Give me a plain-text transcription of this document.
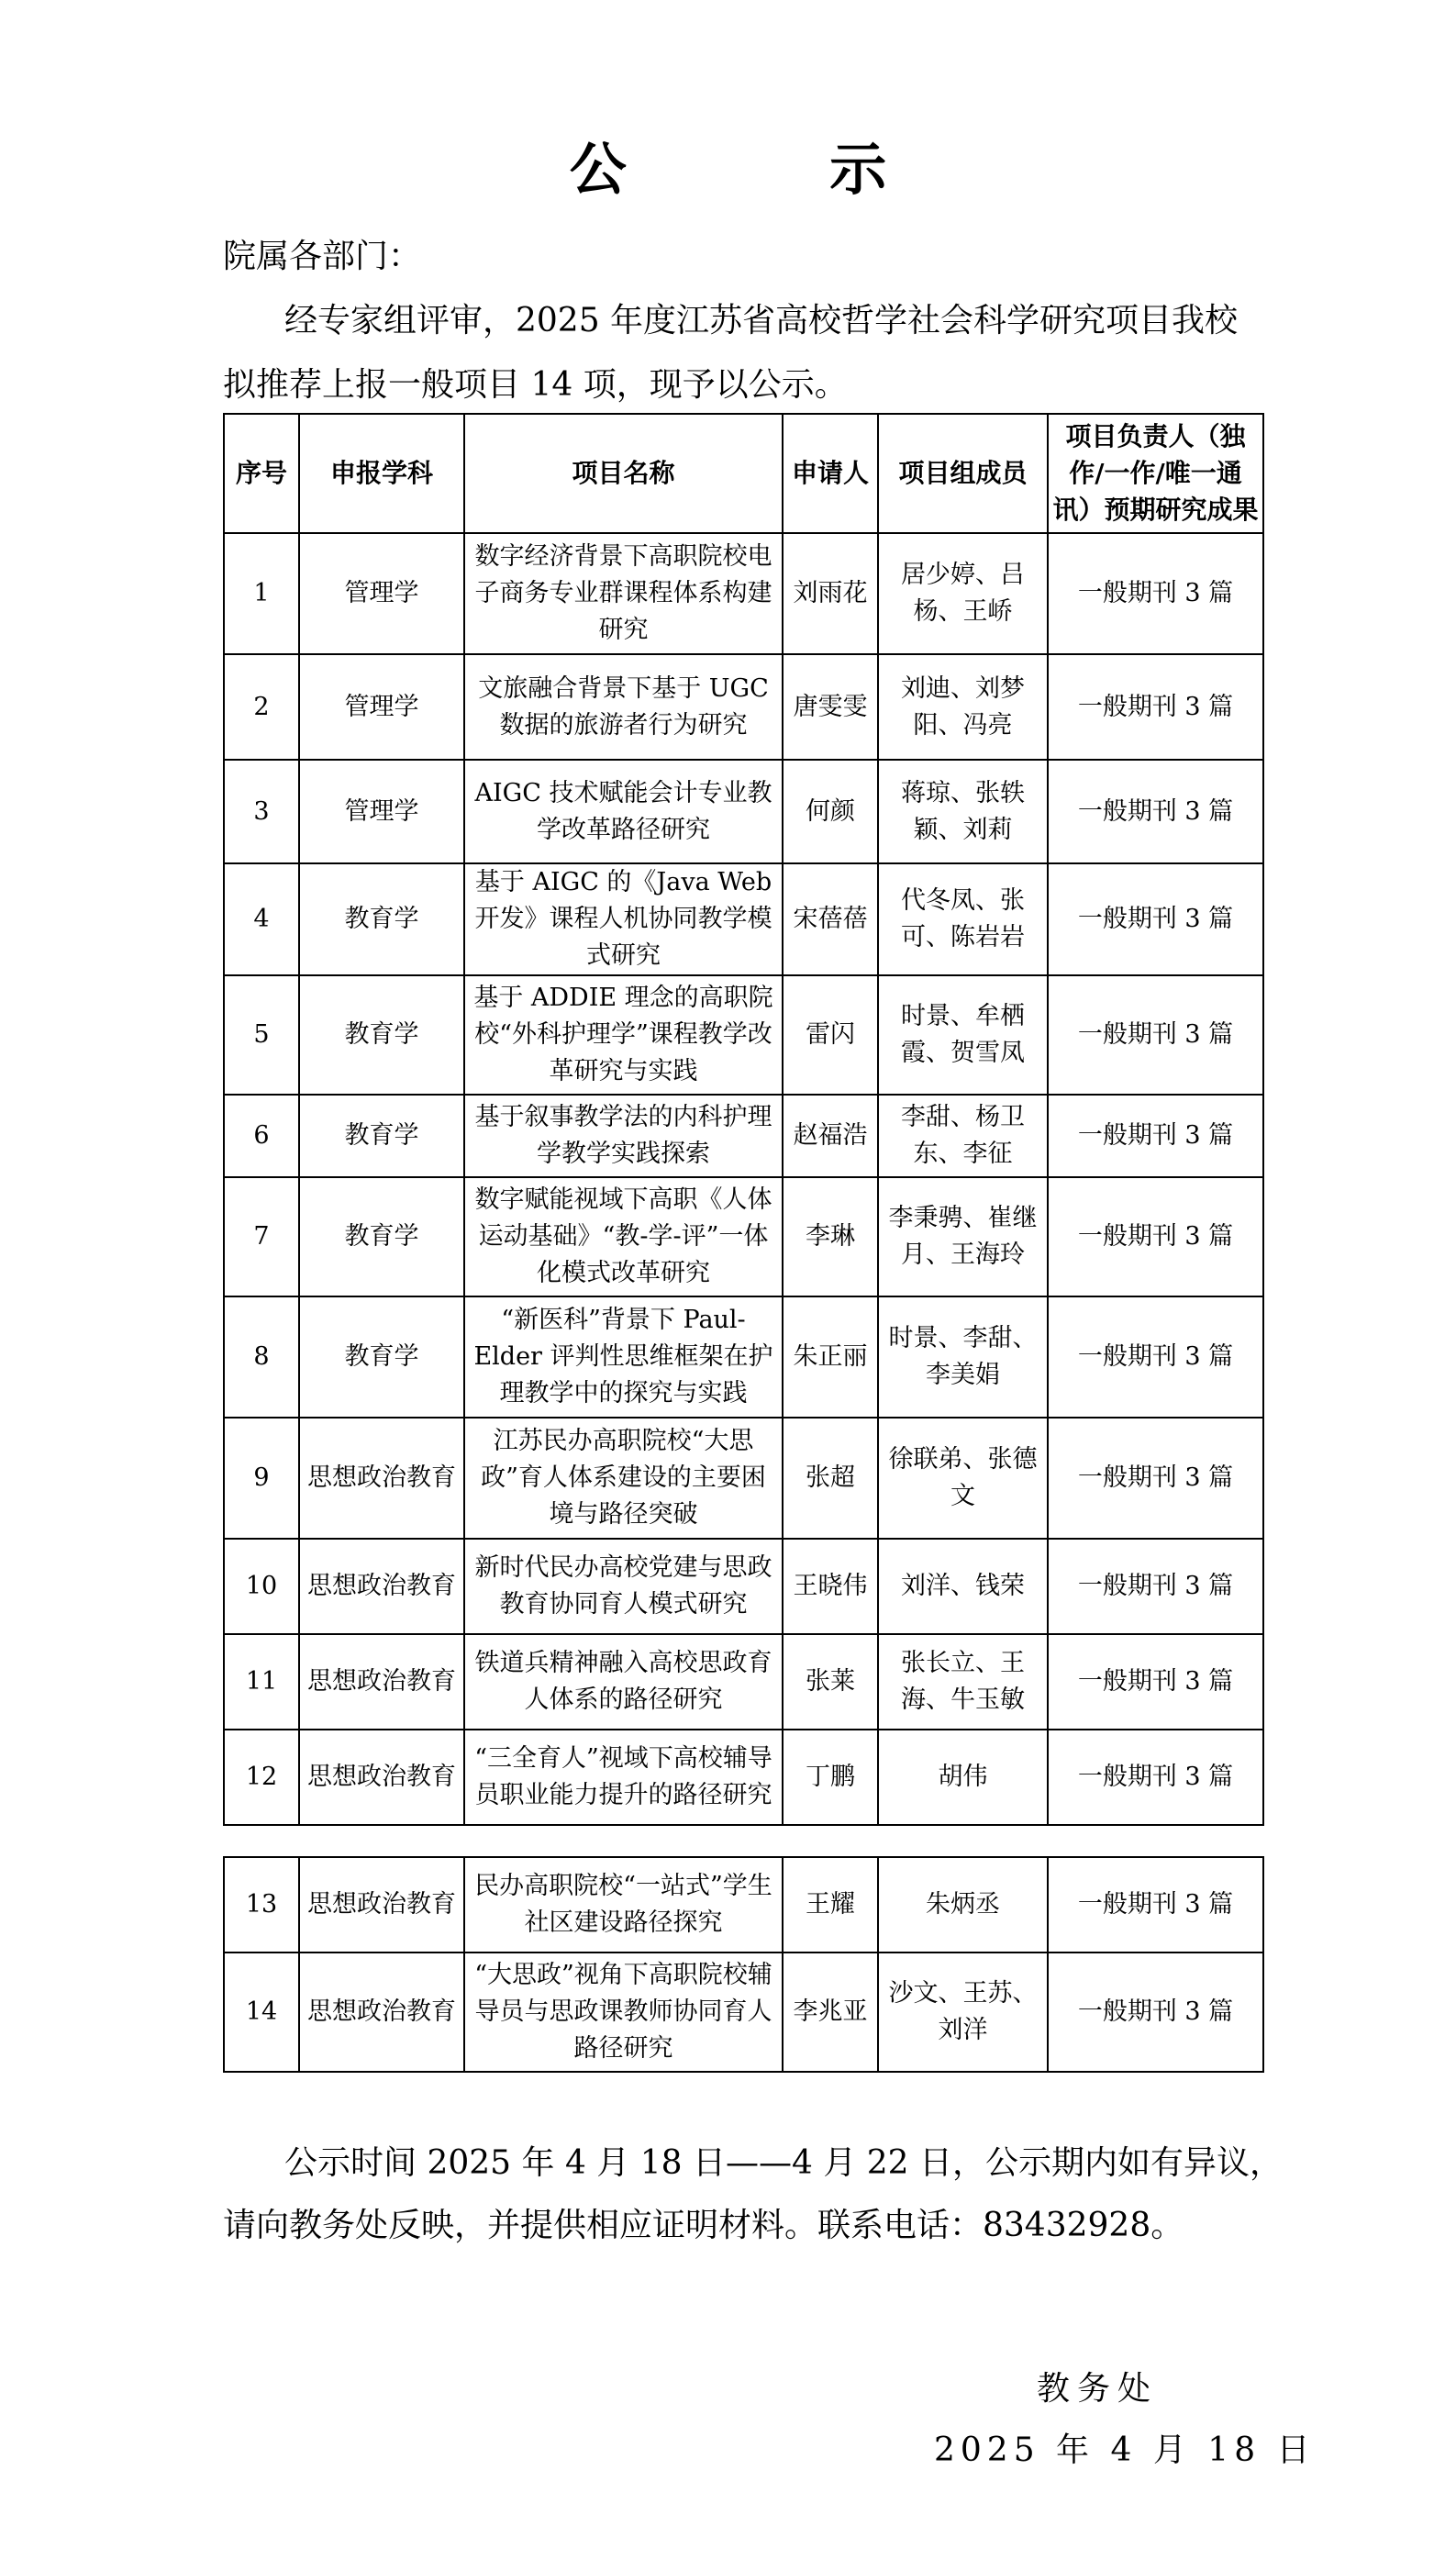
公 示
院属各部门：
经专家组评审，2025 年度江苏省高校哲学社会科学研究项目我校
拟推荐上报一般项目 14 项，现予以公示。
序号	申报学科	项目名称	申请人	项目组成员	项目负责人（独作/一作/唯一通讯）预期研究成果
1	管理学	数字经济背景下高职院校电子商务专业群课程体系构建研究	刘雨花	居少婷、吕杨、王峤	一般期刊 3 篇
2	管理学	文旅融合背景下基于 UGC 数据的旅游者行为研究	唐雯雯	刘迪、刘梦阳、冯亮	一般期刊 3 篇
3	管理学	AIGC 技术赋能会计专业教学改革路径研究	何颜	蒋琼、张轶颖、刘莉	一般期刊 3 篇
4	教育学	基于 AIGC 的《Java Web 开发》课程人机协同教学模式研究	宋蓓蓓	代冬凤、张可、陈岩岩	一般期刊 3 篇
5	教育学	基于 ADDIE 理念的高职院校“外科护理学”课程教学改革研究与实践	雷闪	时景、牟栖霞、贺雪凤	一般期刊 3 篇
6	教育学	基于叙事教学法的内科护理学教学实践探索	赵福浩	李甜、杨卫东、李征	一般期刊 3 篇
7	教育学	数字赋能视域下高职《人体运动基础》“教-学-评”一体化模式改革研究	李琳	李秉骋、崔继月、王海玲	一般期刊 3 篇
8	教育学	“新医科”背景下 Paul-Elder 评判性思维框架在护理教学中的探究与实践	朱正丽	时景、李甜、李美娟	一般期刊 3 篇
9	思想政治教育	江苏民办高职院校“大思政”育人体系建设的主要困境与路径突破	张超	徐联弟、张德文	一般期刊 3 篇
10	思想政治教育	新时代民办高校党建与思政教育协同育人模式研究	王晓伟	刘洋、钱荣	一般期刊 3 篇
11	思想政治教育	铁道兵精神融入高校思政育人体系的路径研究	张莱	张长立、王海、牛玉敏	一般期刊 3 篇
12	思想政治教育	“三全育人”视域下高校辅导员职业能力提升的路径研究	丁鹏	胡伟	一般期刊 3 篇
13	思想政治教育	民办高职院校“一站式”学生社区建设路径探究	王耀	朱炳丞	一般期刊 3 篇
14	思想政治教育	“大思政”视角下高职院校辅导员与思政课教师协同育人路径研究	李兆亚	沙文、王苏、刘洋	一般期刊 3 篇
公示时间 2025 年 4 月 18 日——4 月 22 日，公示期内如有异议，
请向教务处反映，并提供相应证明材料。联系电话：83432928。
教务处
2025 年 4 月 18 日
